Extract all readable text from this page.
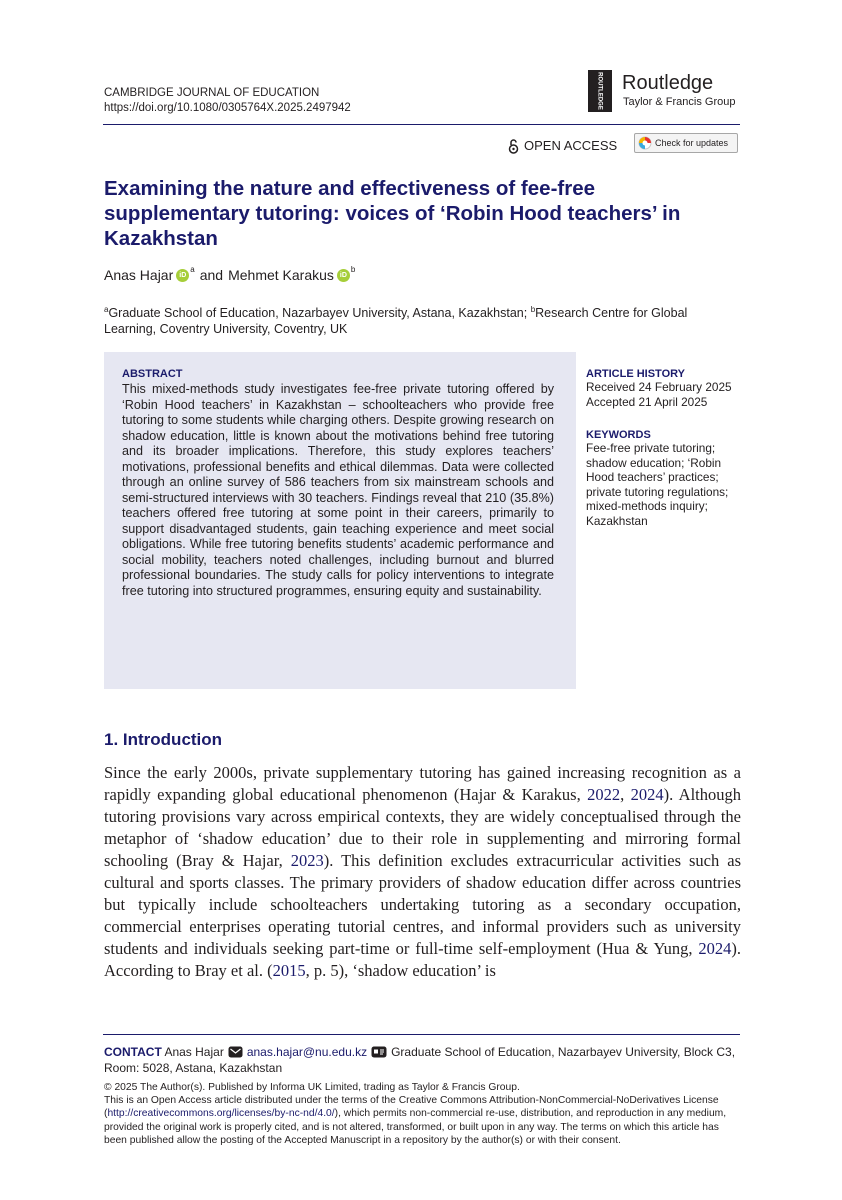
CAMBRIDGE JOURNAL OF EDUCATION
https://doi.org/10.1080/0305764X.2025.2497942	ROUTLEDGE Routledge
Taylor & Francis Group
OPEN ACCESS	Check for updates
Examining the nature and effectiveness of fee-free supplementary tutoring: voices of ‘Robin Hood teachers’ in Kazakhstan
Anas Hajar iD
a and Mehmet Karakus iD
b
$^a$Graduate School of Education, Nazarbayev University, Astana, Kazakhstan; $^b$Research Centre for Global Learning, Coventry University, Coventry, UK
ABSTRACT
This mixed-methods study investigates fee-free private tutoring offered by ‘Robin Hood teachers’ in Kazakhstan – schoolteachers who provide free tutoring to some students while charging others. Despite growing research on shadow education, little is known about the motivations behind free tutoring and its broader implications. Therefore, this study explores teachers’ motivations, professional benefits and ethical dilemmas. Data were collected through an online survey of 586 teachers from six mainstream schools and semi-structured interviews with 30 teachers. Findings reveal that 210 (35.8%) teachers offered free tutoring at some point in their careers, primarily to support disadvantaged students, gain teaching experience and meet social obligations. While free tutoring benefits students’ academic performance and social mobility, teachers noted challenges, including burnout and blurred professional boundaries. The study calls for policy interventions to integrate free tutoring into structured programmes, ensuring equity and sustainability.
ARTICLE HISTORY
Received 24 February 2025
Accepted 21 April 2025
KEYWORDS
Fee-free private tutoring; shadow education; ‘Robin Hood teachers’ practices; private tutoring regulations; mixed-methods inquiry; Kazakhstan
1. Introduction
Since the early 2000s, private supplementary tutoring has gained increasing recognition as a rapidly expanding global educational phenomenon (Hajar & Karakus, 2022, 2024). Although tutoring provisions vary across empirical contexts, they are widely conceptualised through the metaphor of ‘shadow education’ due to their role in supplementing and mirroring formal schooling (Bray & Hajar, 2023). This definition excludes extracurricular activities such as cultural and sports classes. The primary providers of shadow education differ across countries but typically include schoolteachers undertaking tutoring as a secondary occupation, commercial enterprises operating tutorial centres, and informal providers such as university students and individuals seeking part-time or full-time self-employment (Hua & Yung, 2024). According to Bray et al. (2015, p. 5), ‘shadow education’ is
CONTACT Anas Hajar anas.hajar@nu.edu.kz Graduate School of Education, Nazarbayev University, Block C3, Room: 5028, Astana, Kazakhstan
© 2025 The Author(s). Published by Informa UK Limited, trading as Taylor & Francis Group.
This is an Open Access article distributed under the terms of the Creative Commons Attribution-NonCommercial-NoDerivatives License (http://creativecommons.org/licenses/by-nc-nd/4.0/), which permits non-commercial re-use, distribution, and reproduction in any medium, provided the original work is properly cited, and is not altered, transformed, or built upon in any way. The terms on which this article has been published allow the posting of the Accepted Manuscript in a repository by the author(s) or with their consent.
